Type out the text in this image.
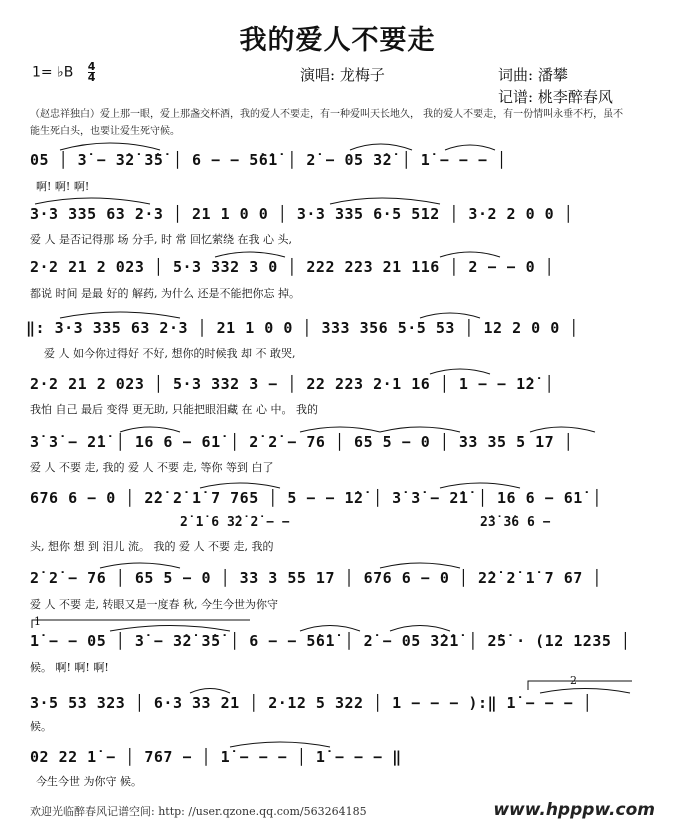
我的爱人不要走
1= ♭B $\frac{4}{4}$	演唱: 龙梅子	词曲: 潘攀
记谱: 桃李醉春风
（赵忠祥独白）爱上那一眼，爱上那盏交杯酒，我的爱人不要走，有一种爱叫天长地久， 我的爱人不要走，有一份情叫永垂不朽，虽不能生死白头，也要让爱生死守候。
05 │ 3̇ − 3̇2̇ 3̇5̇ │ 6 − − 5̇6̇1̇ │ 2̇ − 05 3̇2̇ │ 1̇ − − − │
啊! 啊! 啊!
3·3 335 63 2·3 │ 21 1 0 0 │ 3·3 335 6·5 512 │ 3·2 2 0 0 │
爱 人 是否记得那 场 分手, 时 常 回忆萦绕 在我 心 头,
2·2 21 2 023 │ 5·3 332 3 0 │ 222 223 21 116 │ 2 − − 0 │
都说 时间 是最 好的 解药, 为什么 还是不能把你忘 掉。
‖: 3·3 335 63 2·3 │ 21 1 0 0 │ 333 356 5·5 53 │ 12 2 0 0 │
爱 人 如今你过得好 不好, 想你的时候我 却 不 敢哭,
2·2 21 2 023 │ 5·3 332 3 − │ 22 223 2·1 16 │ 1 − − 1̇2̇ │
我怕 自己 最后 变得 更无助, 只能把眼泪藏 在 心 中。 我的
3̇ 3̇ − 2̇1̇ │ 16 6 − 61̇ │ 2̇ 2̇ − 76 │ 65 5 − 0 │ 33 35 5 17 │
爱 人 不要 走, 我的 爱 人 不要 走, 等你 等到 白了
676 6 − 0 │ 2̇2̇ 2̇ 1̇ 7 765 │ 5 − − 1̇2̇ │ 3̇ 3̇ − 2̇1̇ │ 16 6 − 61̇ │
2̇ 1̇ 6 3̇2̇ 2̇ − −	2̇3̇ 3̇6 6 −
头, 想你 想 到 泪儿 流。 我的 爱 人 不要 走, 我的
2̇ 2̇ − 76 │ 65 5 − 0 │ 33 3 55 17 │ 676 6 − 0 │ 2̇2̇ 2̇ 1̇ 7 67 │
爱 人 不要 走, 转眼又是一度春 秋, 今生今世为你守
1
1̇ − − 05 │ 3̇ − 3̇2̇ 3̇5̇ │ 6 − − 5̇6̇1̇ │ 2̇ − 05 3̇2̇1̇ │ 2̇5̇ · (12 1235 │
候。 啊! 啊! 啊!
2
3·5 53 323 │ 6·3 33 21 │ 2·12 5 322 │ 1 − − − ):‖ 1̇ − − − │
候。
02 22 1̇ − │ 767 − │ 1̇ − − − │ 1̇ − − − ‖
今生今世 为你守 候。
欢迎光临醉春风记谱空间: http: //user.qzone.qq.com/563264185	www.hpppw.com
